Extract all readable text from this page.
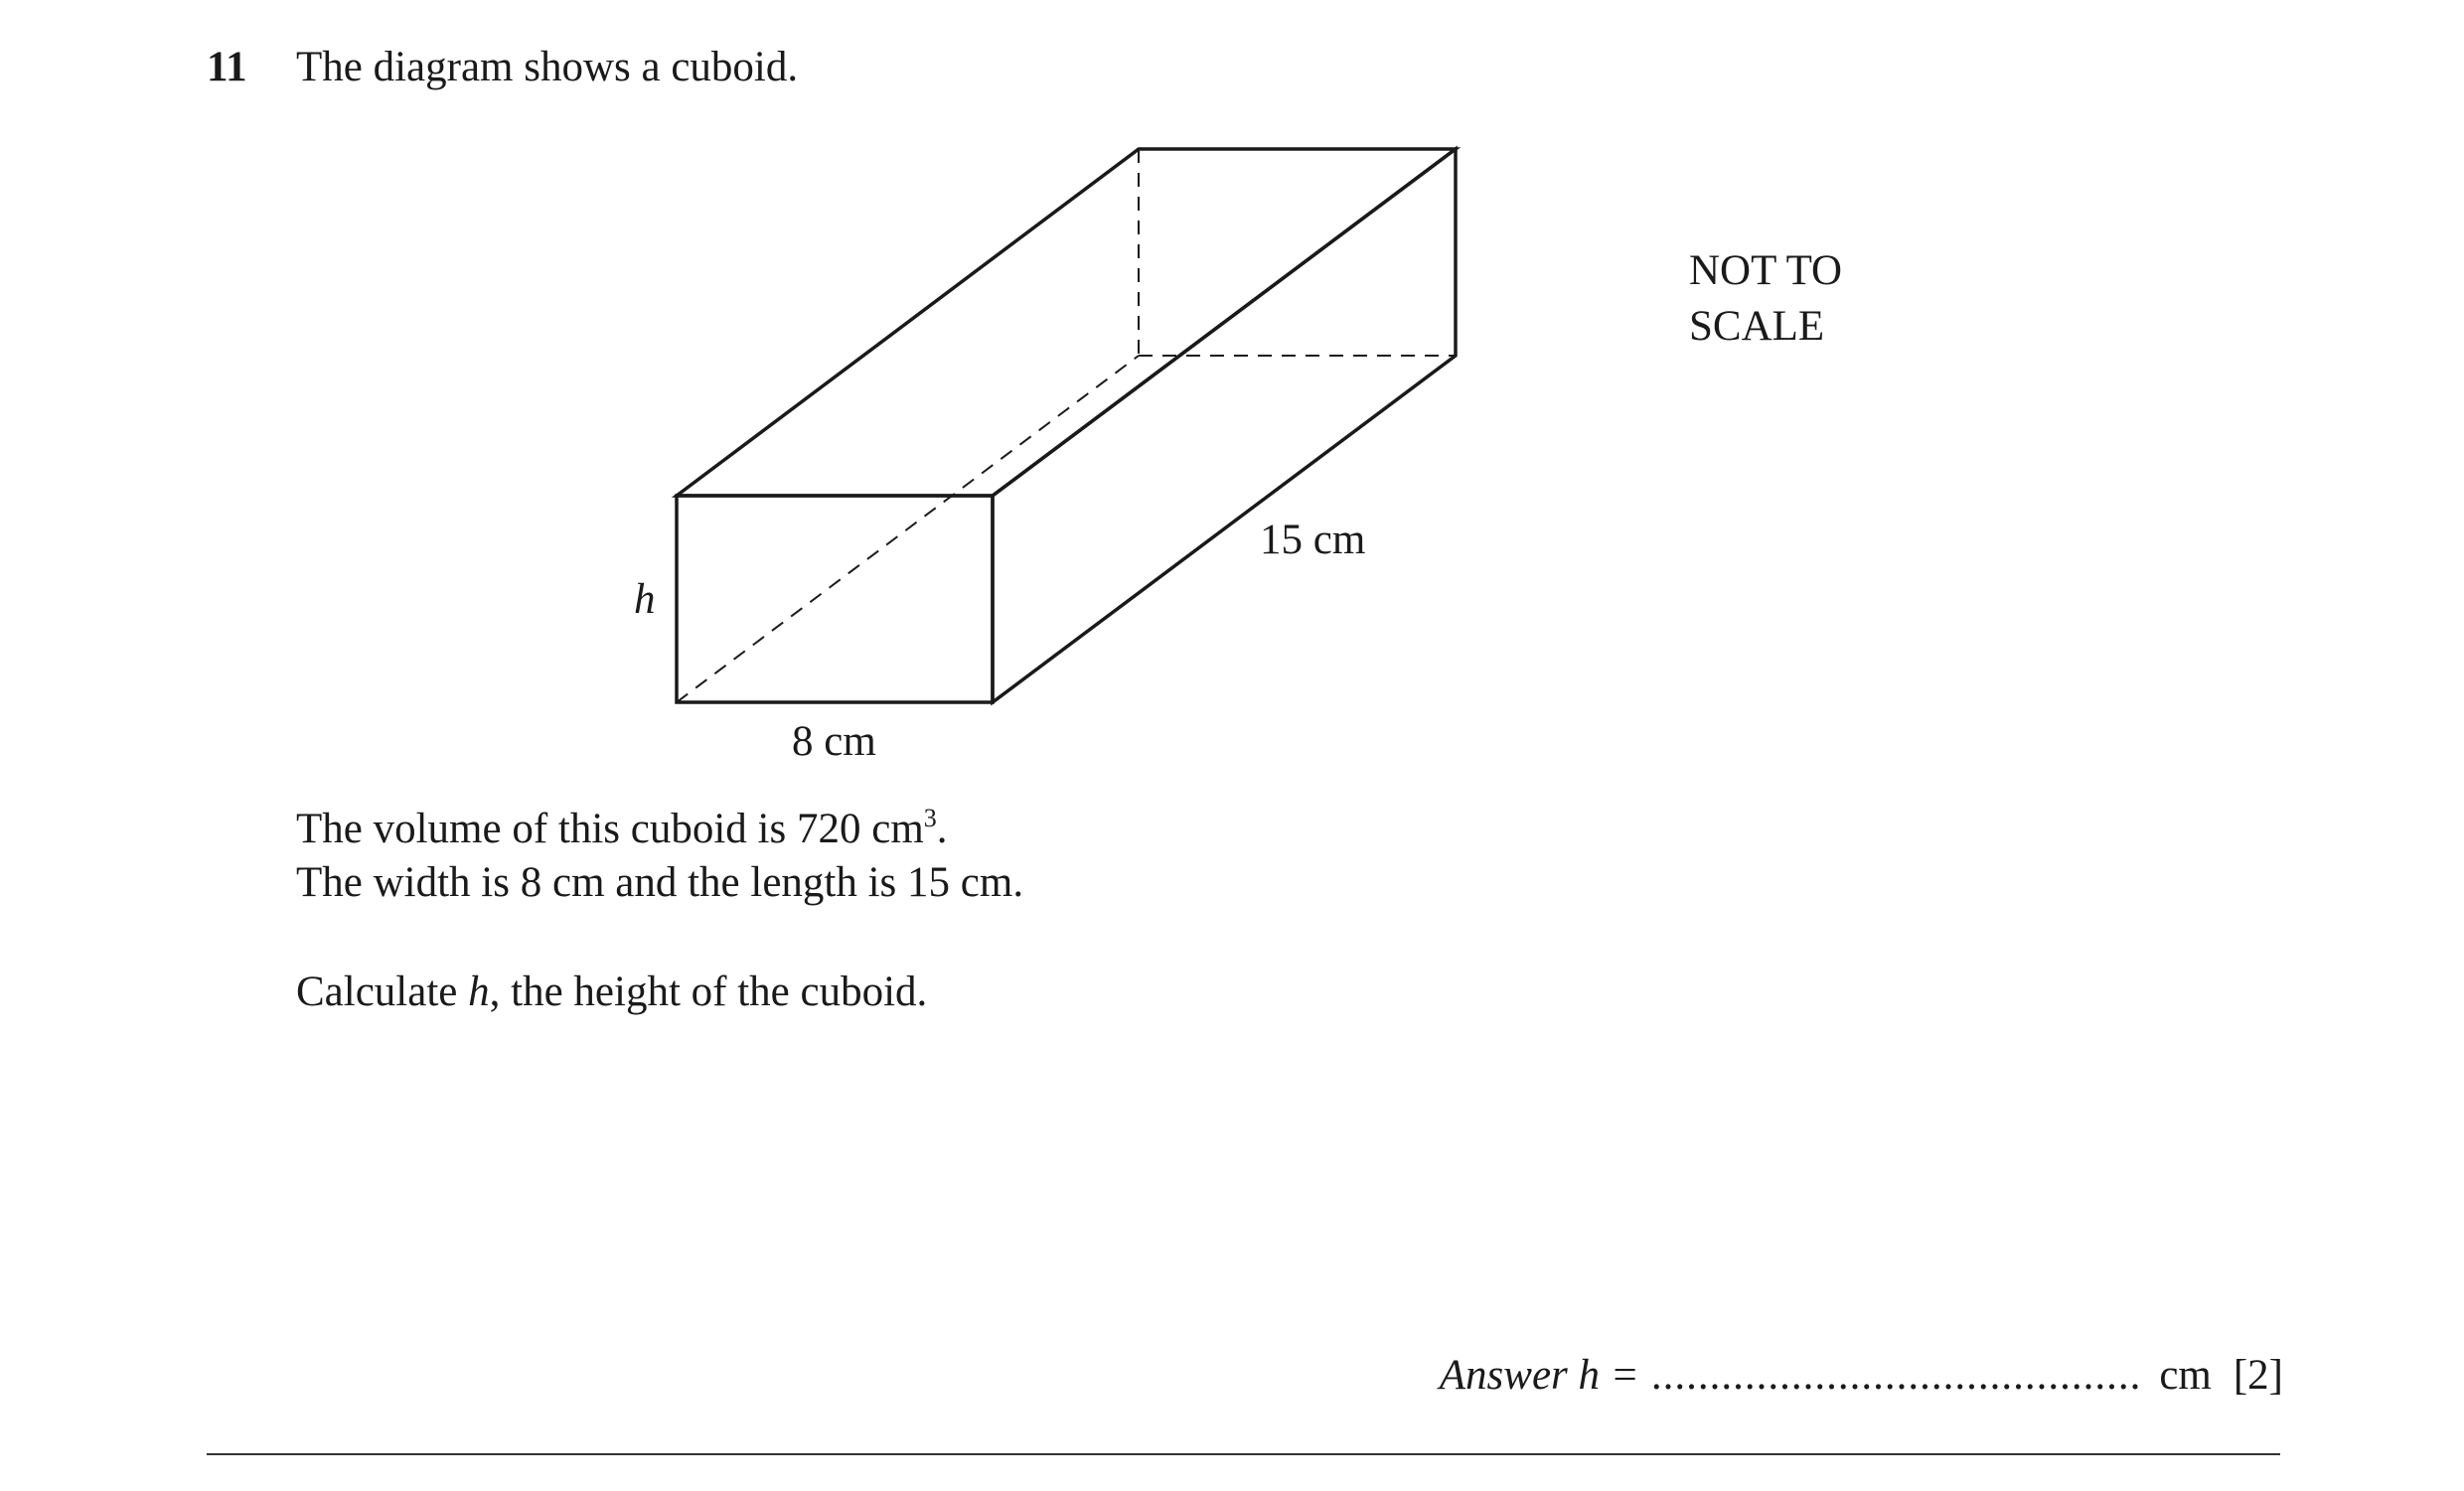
11 The diagram shows a cuboid.
h
8 cm
15 cm
NOT TO
SCALE
The volume of this cuboid is 720 $cm^3$.
The width is 8 cm and the length is 15 cm.
Calculate h, the height of the cuboid.
Answer h = .......................................... cm [2]
